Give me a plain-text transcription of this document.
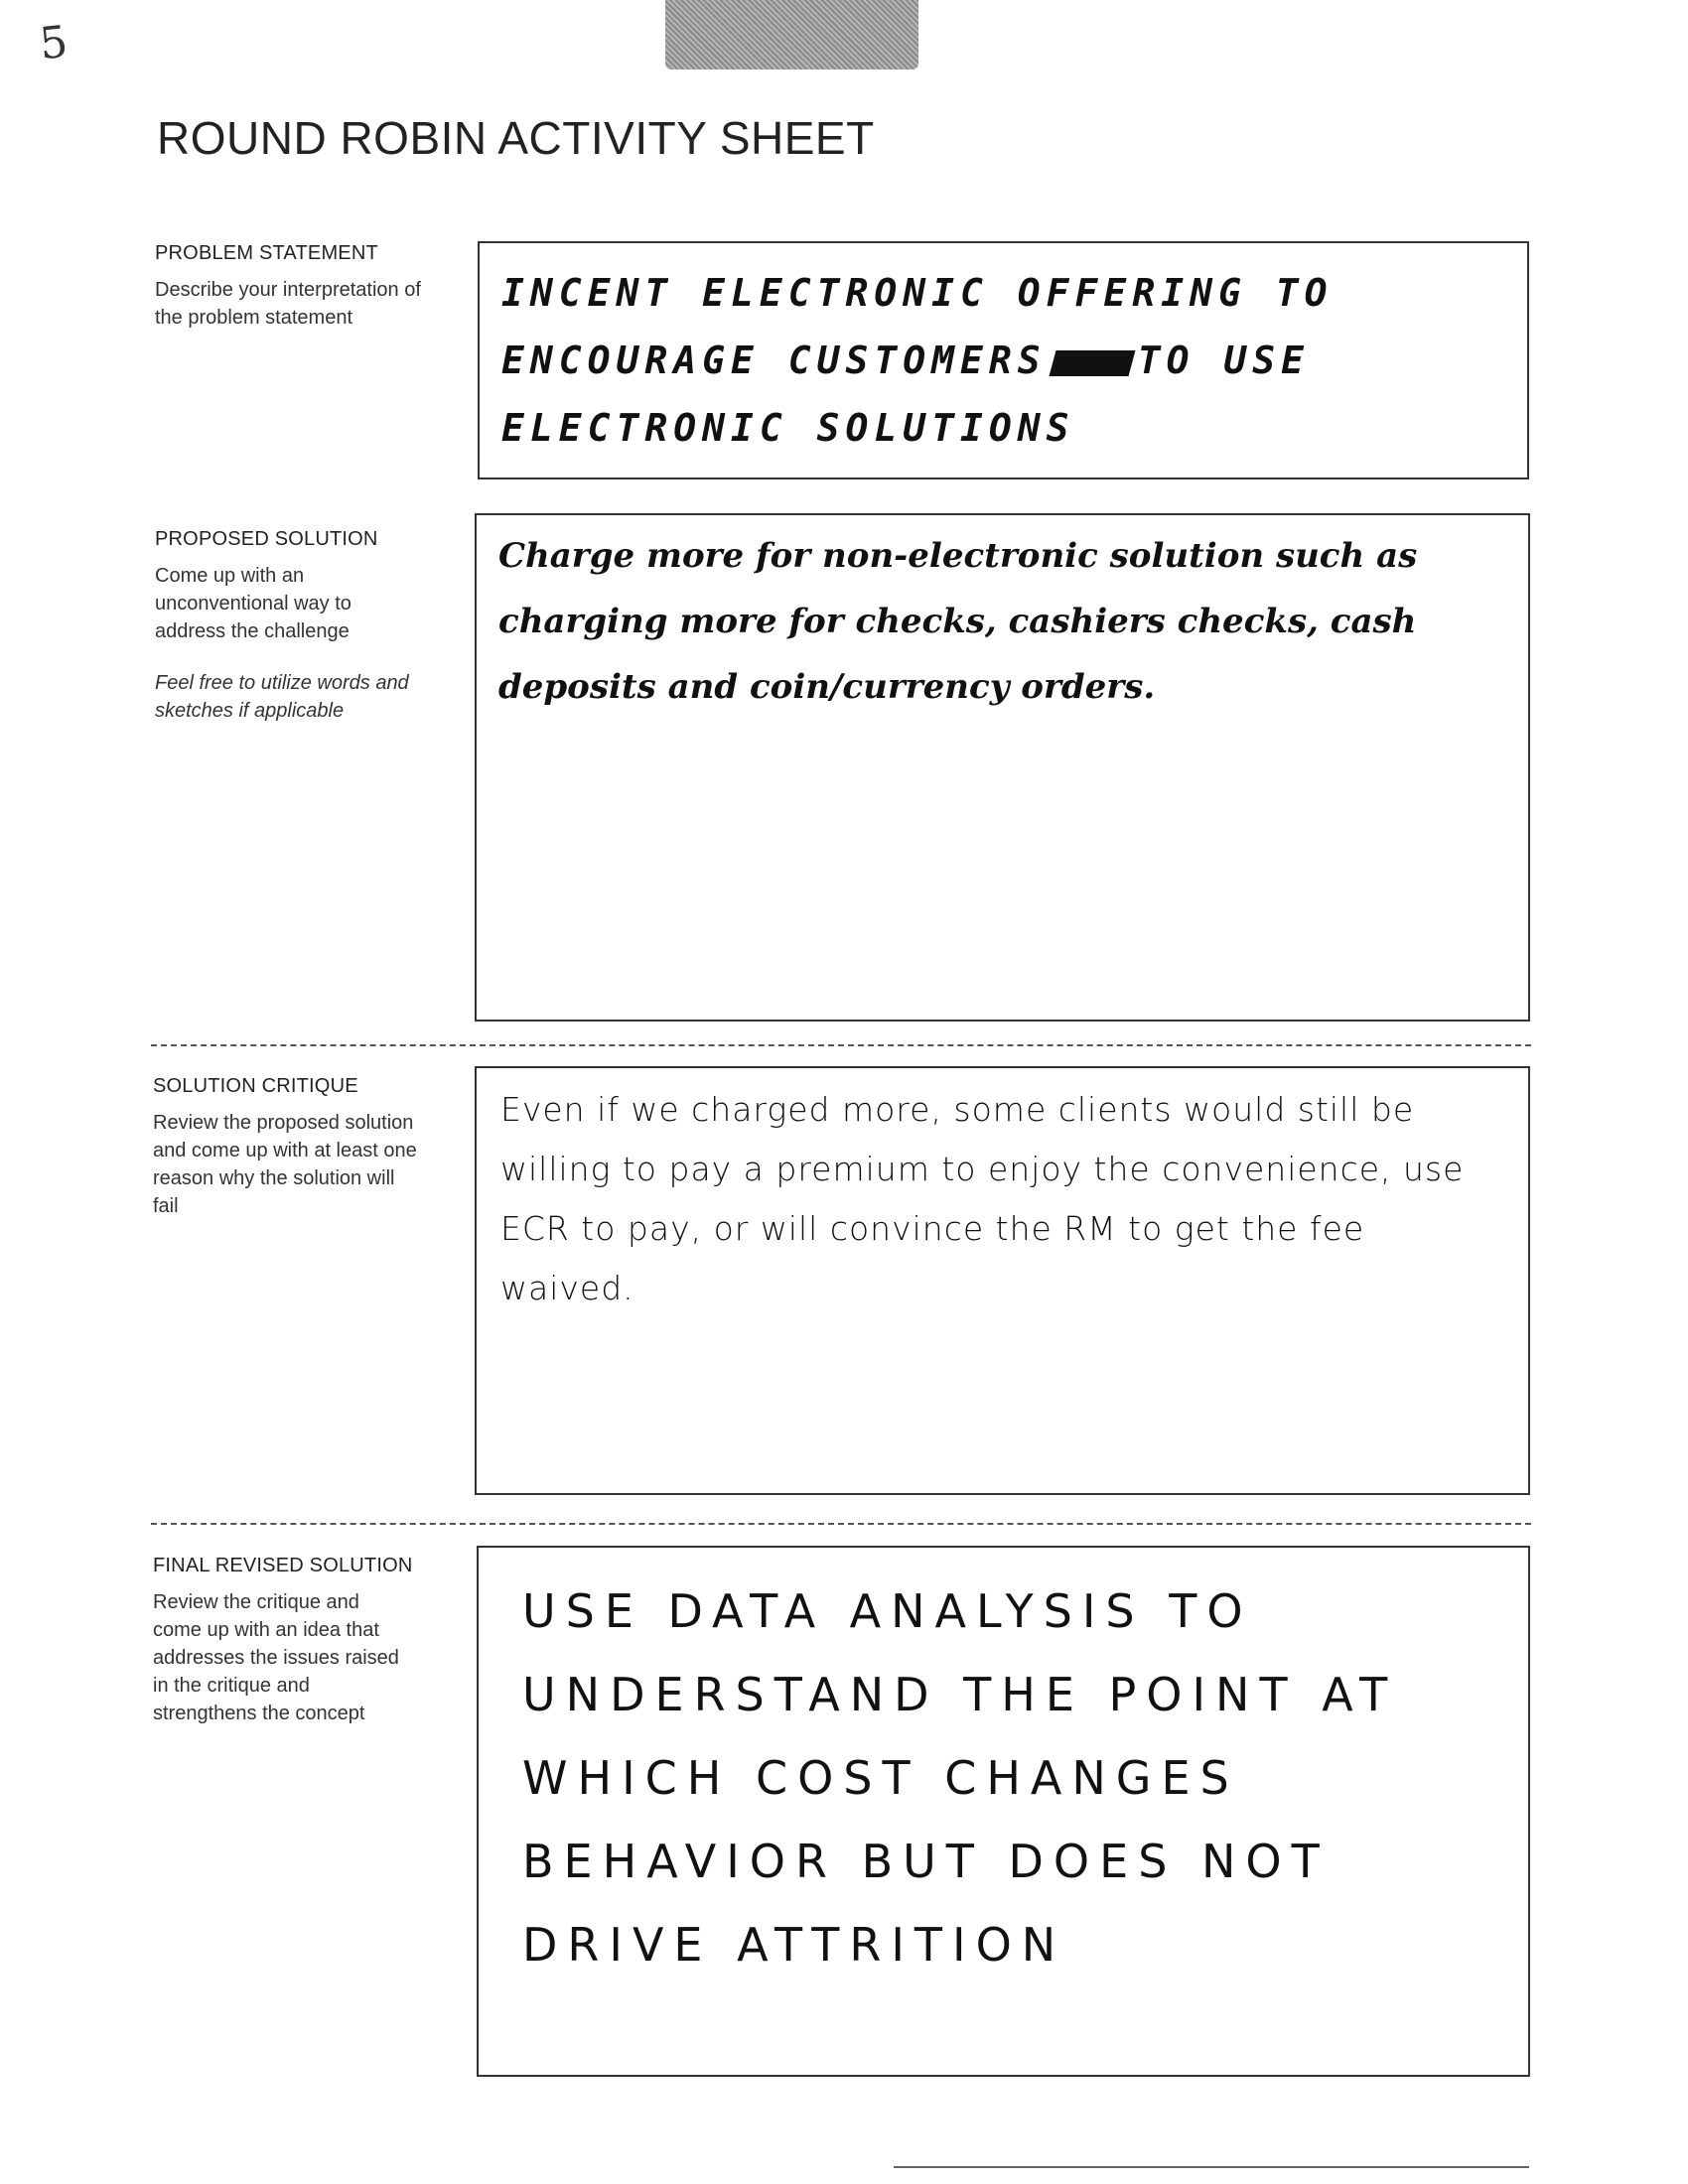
5
ROUND ROBIN ACTIVITY SHEET
PROBLEM STATEMENT
Describe your interpretation of the problem statement
INCENT ELECTRONIC OFFERING TO ENCOURAGE CUSTOMERS TO USE ELECTRONIC SOLUTIONS
PROPOSED SOLUTION
Come up with an unconventional way to address the challenge
Feel free to utilize words and sketches if applicable
Charge more for non-electronic solution such as charging more for checks, cashiers checks, cash deposits and coin/currency orders.
SOLUTION CRITIQUE
Review the proposed solution and come up with at least one reason why the solution will fail
Even if we charged more, some clients would still be willing to pay a premium to enjoy the convenience, use ECR to pay, or will convince the RM to get the fee waived.
FINAL REVISED SOLUTION
Review the critique and come up with an idea that addresses the issues raised in the critique and strengthens the concept
USE DATA ANALYSIS TO UNDERSTAND THE POINT AT WHICH COST CHANGES BEHAVIOR BUT DOES NOT DRIVE ATTRITION
